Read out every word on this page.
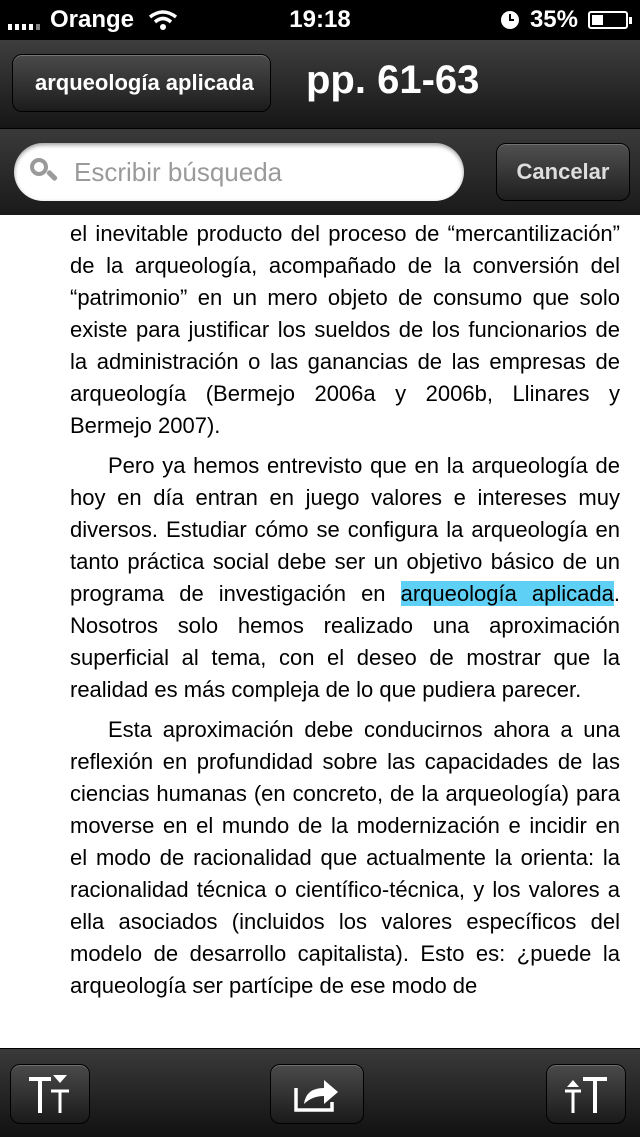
Orange	19:18	35%
arqueología aplicada pp. 61-63
Escribir búsqueda
Cancelar

el inevitable producto del proceso de “mercantilización” de la arqueología, acompañado de la conversión del “patrimonio” en un mero objeto de consumo que solo existe para justificar los sueldos de los funcionarios de la administración o las ganancias de las empresas de arqueología (Bermejo 2006a y 2006b, Llinares y Bermejo 2007).

Pero ya hemos entrevisto que en la arqueología de hoy en día entran en juego valores e intereses muy diversos. Estudiar cómo se configura la arqueología en tanto práctica social debe ser un objetivo básico de un programa de investigación en arqueología aplicada. Nosotros solo hemos realizado una aproximación superficial al tema, con el deseo de mostrar que la realidad es más compleja de lo que pudiera parecer.

Esta aproximación debe conducirnos ahora a una reflexión en profundidad sobre las capacidades de las ciencias humanas (en concreto, de la arqueología) para moverse en el mundo de la modernización e incidir en el modo de racionalidad que actualmente la orienta: la racionalidad técnica o científico-técnica, y los valores a ella asociados (incluidos los valores específicos del modelo de desarrollo capitalista). Esto es: ¿puede la arqueología ser partícipe de ese modo de
